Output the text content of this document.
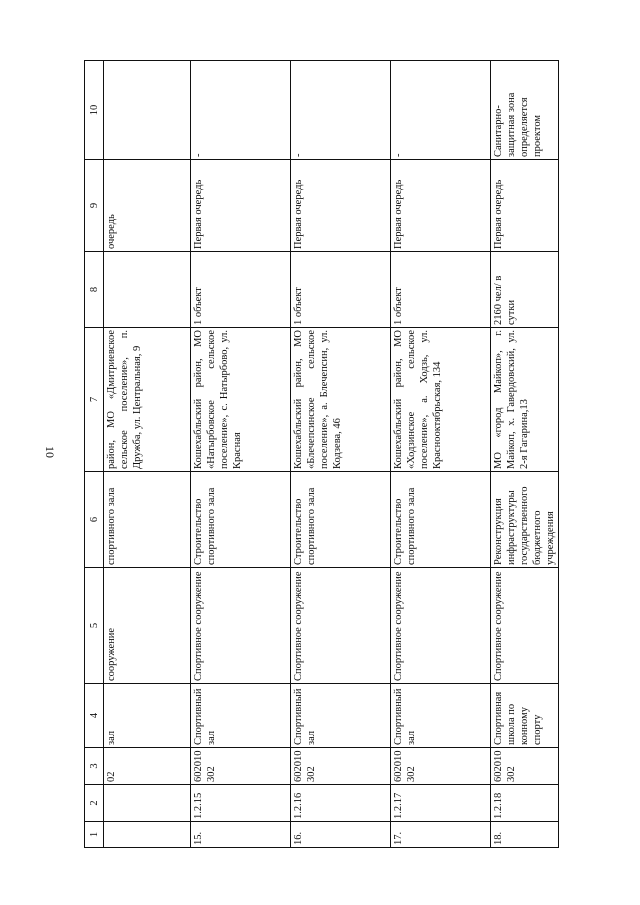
10
1	2	3	4	5	6	7	8	9	10
		02	зал	сооружение	спортивного зала	район, МО «Дмитриевское сельское поселение», п. Дружба, ул. Центральная, 9		очередь	
15.	1.2.15	602010302	Спортивный зал	Спортивное сооружение	Строительство спортивного зала	Кошехабльский район, МО «Натырбовское сельское поселение», с. Натырбово, ул. Красная	1 объект	Первая очередь	-
16.	1.2.16	602010302	Спортивный зал	Спортивное сооружение	Строительство спортивного зала	Кошехабльский район, МО «Блечепсинское сельское поселение», а. Блечепсин, ул. Кодзева, 46	1 объект	Первая очередь	-
17.	1.2.17	602010302	Спортивный зал	Спортивное сооружение	Строительство спортивного зала	Кошехабльский район, МО «Ходзинское сельское поселение», а. Ходзь, ул. Краснооктябрьская, 134	1 объект	Первая очередь	-
18.	1.2.18	602010302	Спортивная школа по конному спорту	Спортивное сооружение	Реконструкция инфраструктуры государственного бюджетного учреждения	МО «город Майкоп», г. Майкоп, х. Гавердовский, ул. 2-я Гагарина,13	2160 чел/ в сутки	Первая очередь	Санитарно-защитная зона определяется проектом
